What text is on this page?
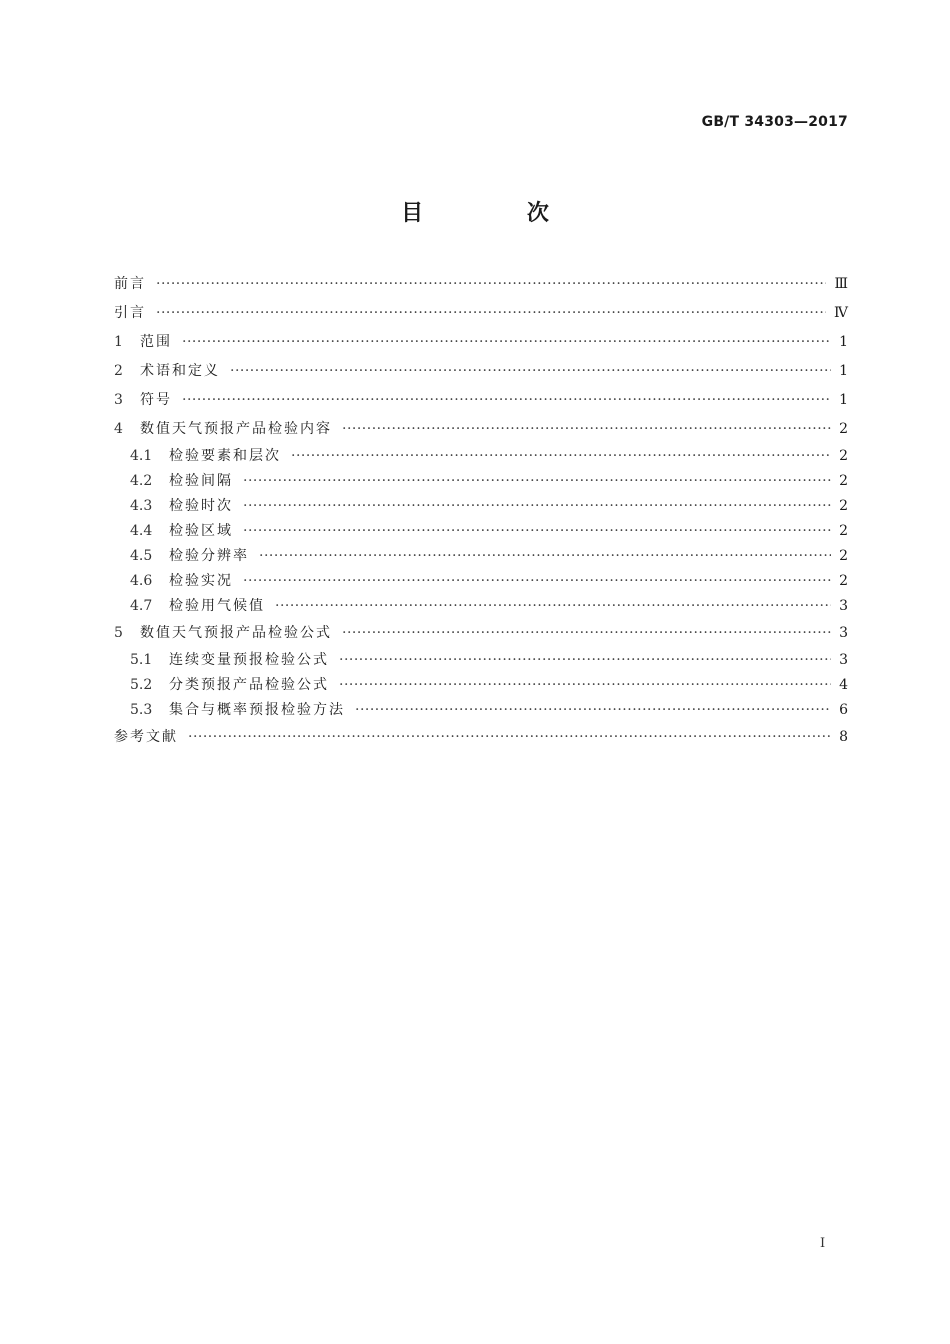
GB/T 34303—2017
目 次
前言 ·····	Ⅲ
引言 ·····	Ⅳ
1	范围 ·····	1
2	术语和定义 ·····	1
3	符号 ·····	1
4	数值天气预报产品检验内容 ·····	2
4.1	检验要素和层次 ·····	2
4.2	检验间隔 ·····	2
4.3	检验时次 ·····	2
4.4	检验区域 ·····	2
4.5	检验分辨率 ·····	2
4.6	检验实况 ·····	2
4.7	检验用气候值 ·····	3
5	数值天气预报产品检验公式 ·····	3
5.1	连续变量预报检验公式 ·····	3
5.2	分类预报产品检验公式 ·····	4
5.3	集合与概率预报检验方法 ·····	6
参考文献 ·····	8
I
